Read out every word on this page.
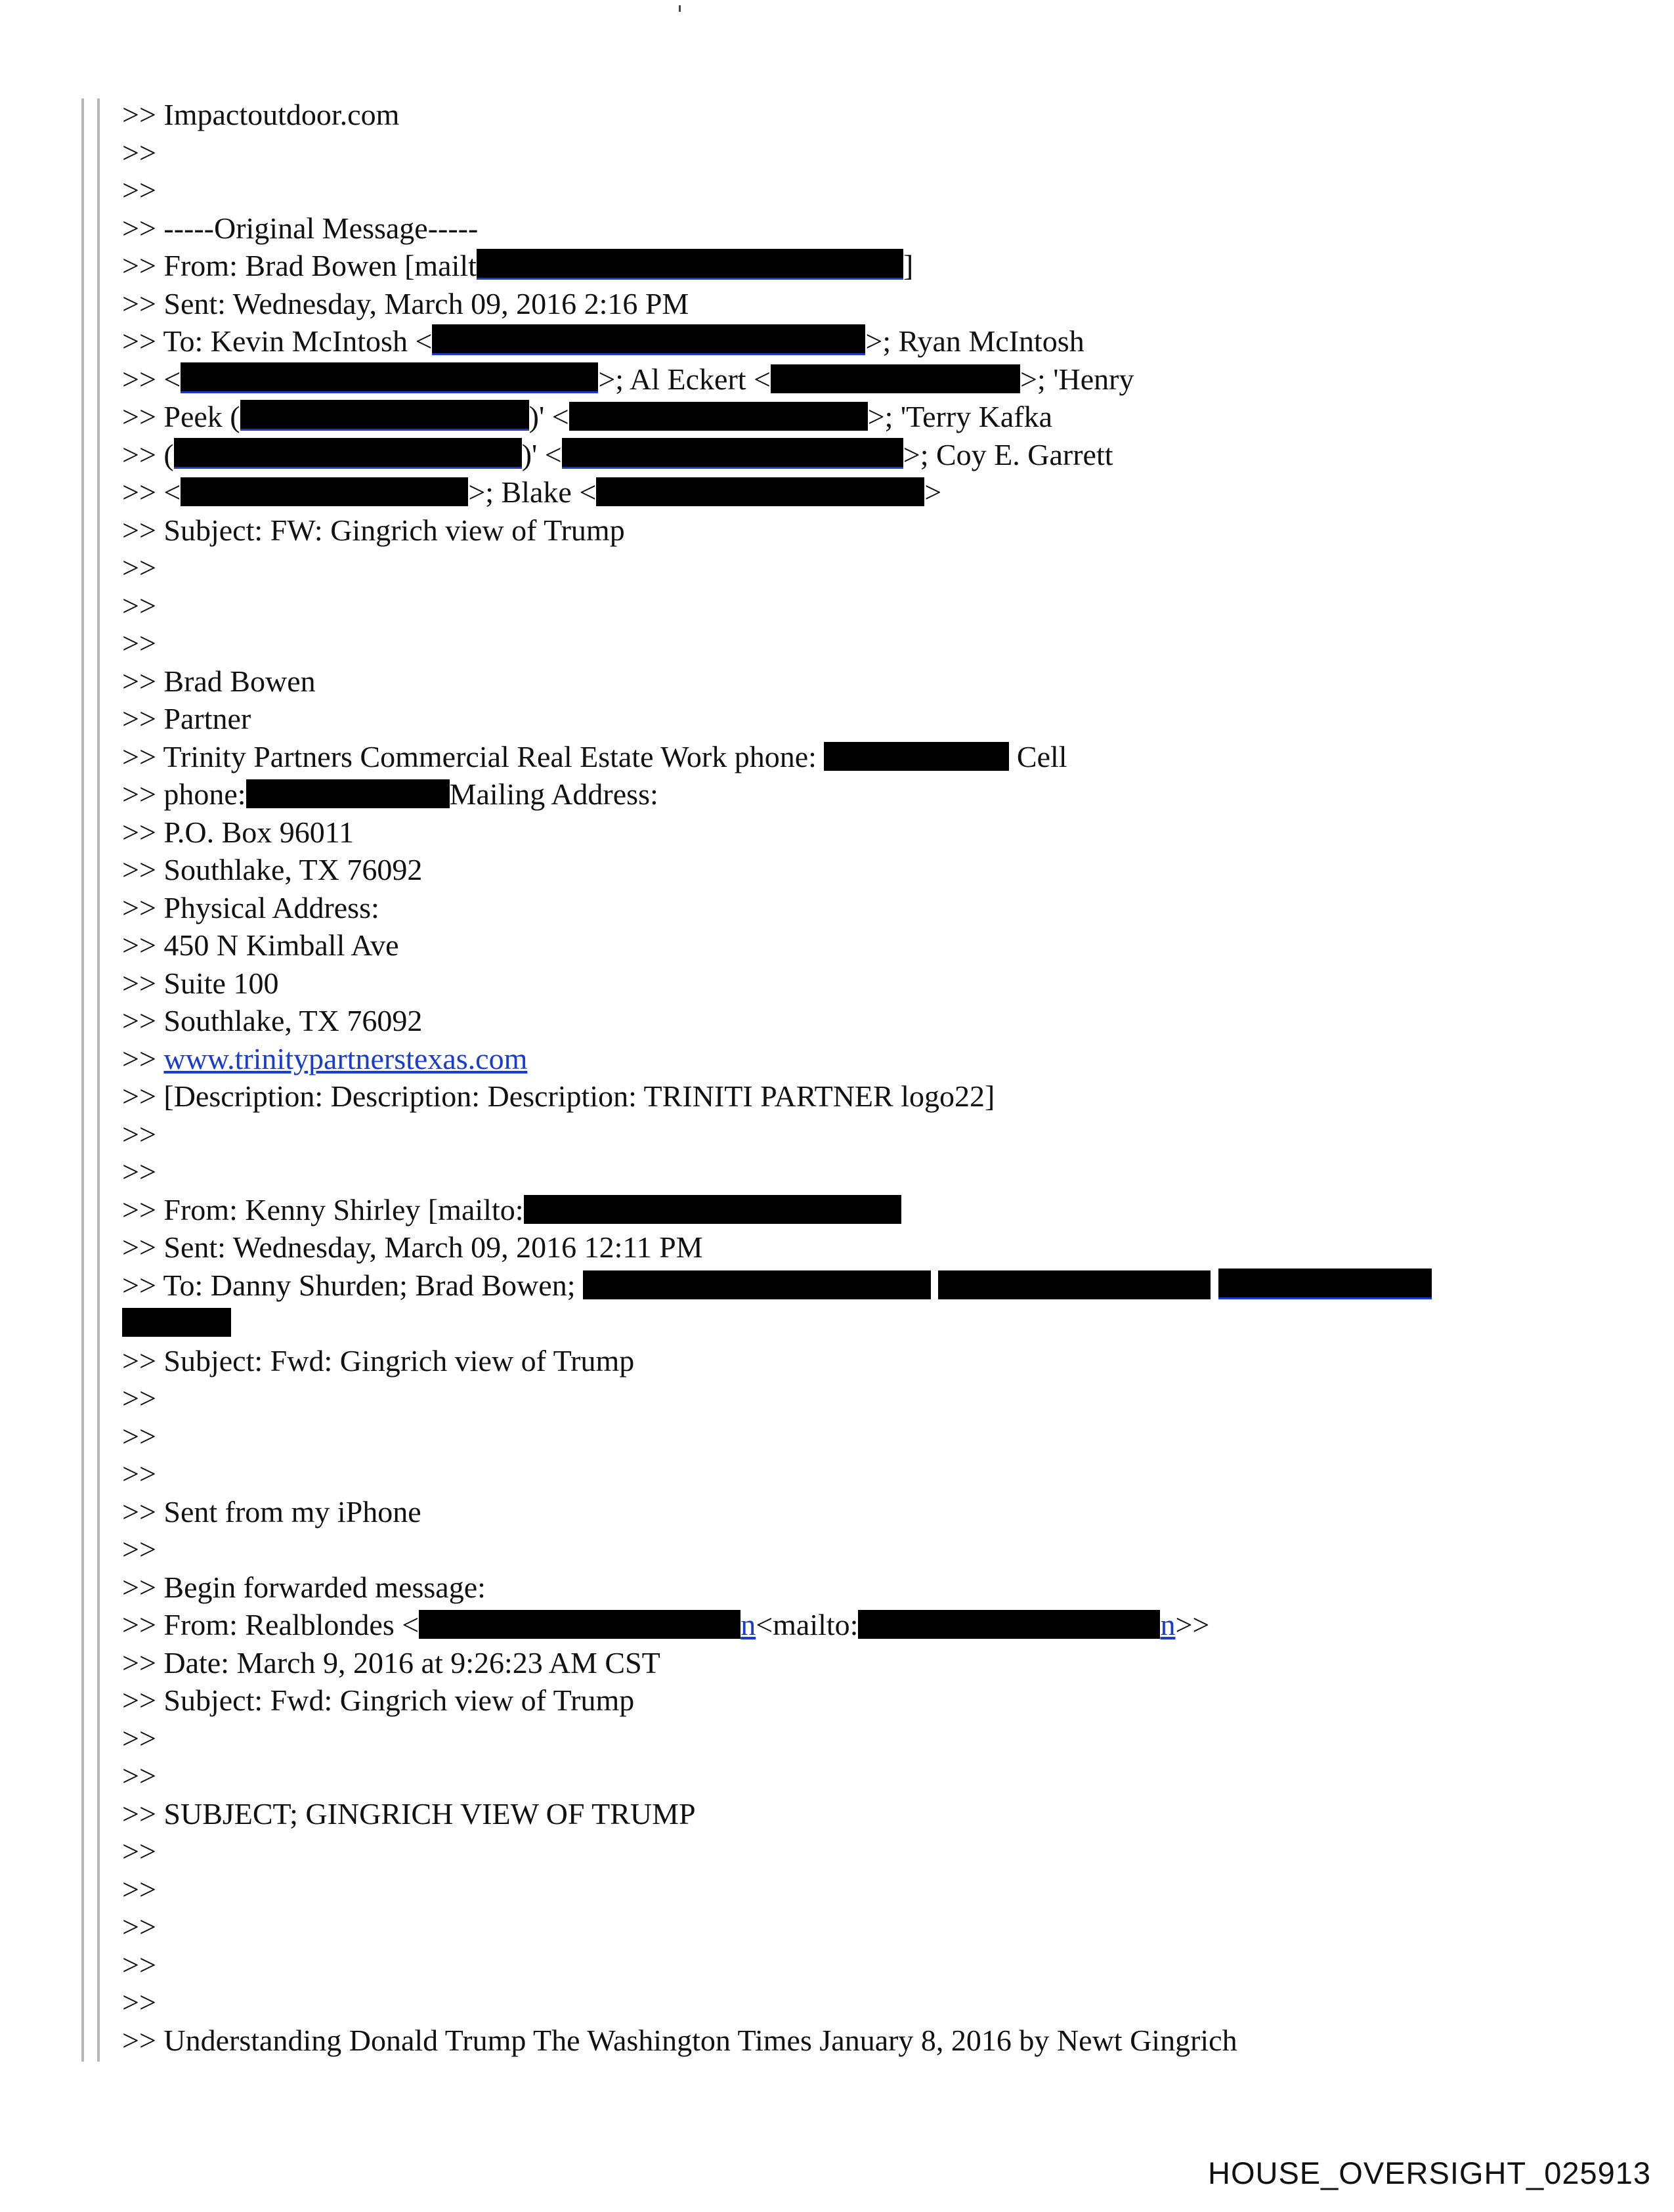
>> Impactoutdoor.com
>>
>>
>> -----Original Message-----
>> From: Brad Bowen [mailt	]
>> Sent: Wednesday, March 09, 2016 2:16 PM
>> To: Kevin McIntosh <	>; Ryan McIntosh
>> <	>; Al Eckert <	>; 'Henry
>> Peek (	)' <	>; 'Terry Kafka
>> (	)' <	>; Coy E. Garrett
>> <	>; Blake <	>
>> Subject: FW: Gingrich view of Trump
>>
>>
>>
>> Brad Bowen
>> Partner
>> Trinity Partners Commercial Real Estate Work phone:	Cell
>> phone:	Mailing Address:
>> P.O. Box 96011
>> Southlake, TX 76092
>> Physical Address:
>> 450 N Kimball Ave
>> Suite 100
>> Southlake, TX 76092
>> www.trinitypartnerstexas.com
>> [Description: Description: Description: TRINITI PARTNER logo22]
>>
>>
>> From: Kenny Shirley [mailto:
>> Sent: Wednesday, March 09, 2016 12:11 PM
>> To: Danny Shurden; Brad Bowen;
>> Subject: Fwd: Gingrich view of Trump
>>
>>
>>
>> Sent from my iPhone
>>
>> Begin forwarded message:
>> From: Realblondes <	n<mailto:	n>>
>> Date: March 9, 2016 at 9:26:23 AM CST
>> Subject: Fwd: Gingrich view of Trump
>>
>>
>> SUBJECT; GINGRICH VIEW OF TRUMP
>>
>>
>>
>>
>>
>> Understanding Donald Trump The Washington Times January 8, 2016 by Newt Gingrich
HOUSE_OVERSIGHT_025913
